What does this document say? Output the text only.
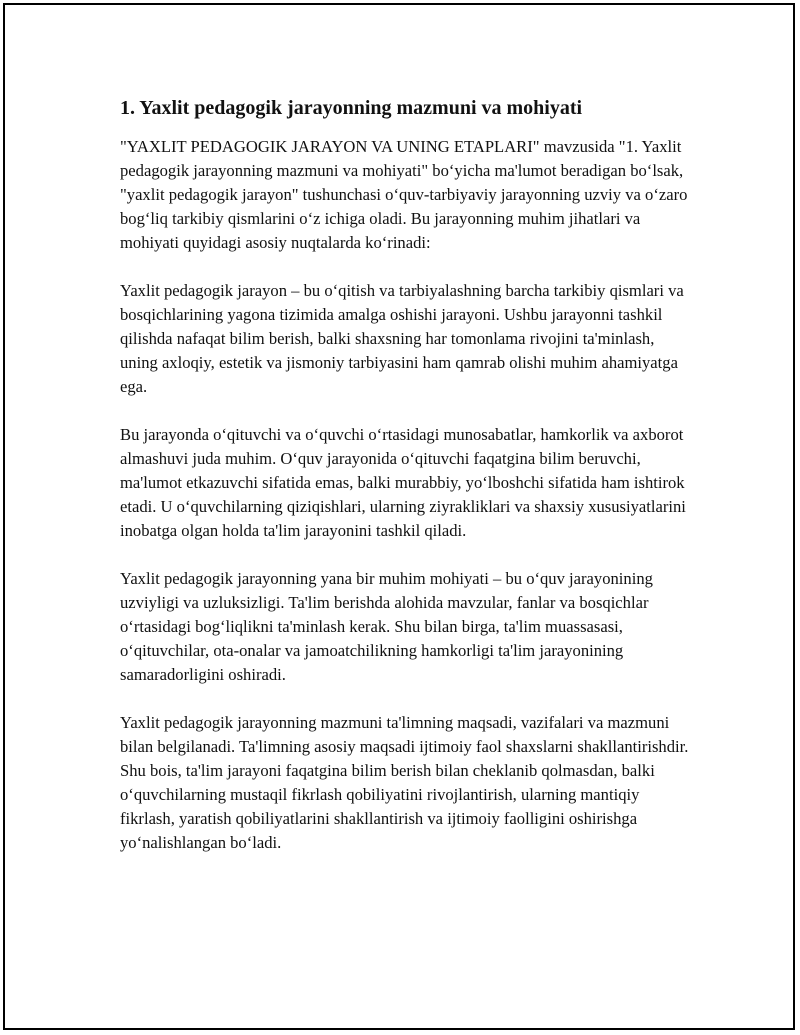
1. Yaxlit pedagogik jarayonning mazmuni va mohiyati

"YAXLIT PEDAGOGIK JARAYON VA UNING ETAPLARI" mavzusida "1. Yaxlit pedagogik jarayonning mazmuni va mohiyati" bo‘yicha ma'lumot beradigan bo‘lsak, "yaxlit pedagogik jarayon" tushunchasi o‘quv-tarbiyaviy jarayonning uzviy va o‘zaro bog‘liq tarkibiy qismlarini o‘z ichiga oladi. Bu jarayonning muhim jihatlari va mohiyati quyidagi asosiy nuqtalarda ko‘rinadi:

Yaxlit pedagogik jarayon – bu o‘qitish va tarbiyalashning barcha tarkibiy qismlari va bosqichlarining yagona tizimida amalga oshishi jarayoni. Ushbu jarayonni tashkil qilishda nafaqat bilim berish, balki shaxsning har tomonlama rivojini ta'minlash, uning axloqiy, estetik va jismoniy tarbiyasini ham qamrab olishi muhim ahamiyatga ega.

Bu jarayonda o‘qituvchi va o‘quvchi o‘rtasidagi munosabatlar, hamkorlik va axborot almashuvi juda muhim. O‘quv jarayonida o‘qituvchi faqatgina bilim beruvchi, ma'lumot etkazuvchi sifatida emas, balki murabbiy, yo‘lboshchi sifatida ham ishtirok etadi. U o‘quvchilarning qiziqishlari, ularning ziyrakliklari va shaxsiy xususiyatlarini inobatga olgan holda ta'lim jarayonini tashkil qiladi.

Yaxlit pedagogik jarayonning yana bir muhim mohiyati – bu o‘quv jarayonining uzviyligi va uzluksizligi. Ta'lim berishda alohida mavzular, fanlar va bosqichlar o‘rtasidagi bog‘liqlikni ta'minlash kerak. Shu bilan birga, ta'lim muassasasi, o‘qituvchilar, ota-onalar va jamoatchilikning hamkorligi ta'lim jarayonining samaradorligini oshiradi.

Yaxlit pedagogik jarayonning mazmuni ta'limning maqsadi, vazifalari va mazmuni bilan belgilanadi. Ta'limning asosiy maqsadi ijtimoiy faol shaxslarni shakllantirishdir. Shu bois, ta'lim jarayoni faqatgina bilim berish bilan cheklanib qolmasdan, balki o‘quvchilarning mustaqil fikrlash qobiliyatini rivojlantirish, ularning mantiqiy fikrlash, yaratish qobiliyatlarini shakllantirish va ijtimoiy faolligini oshirishga yo‘nalishlangan bo‘ladi.
